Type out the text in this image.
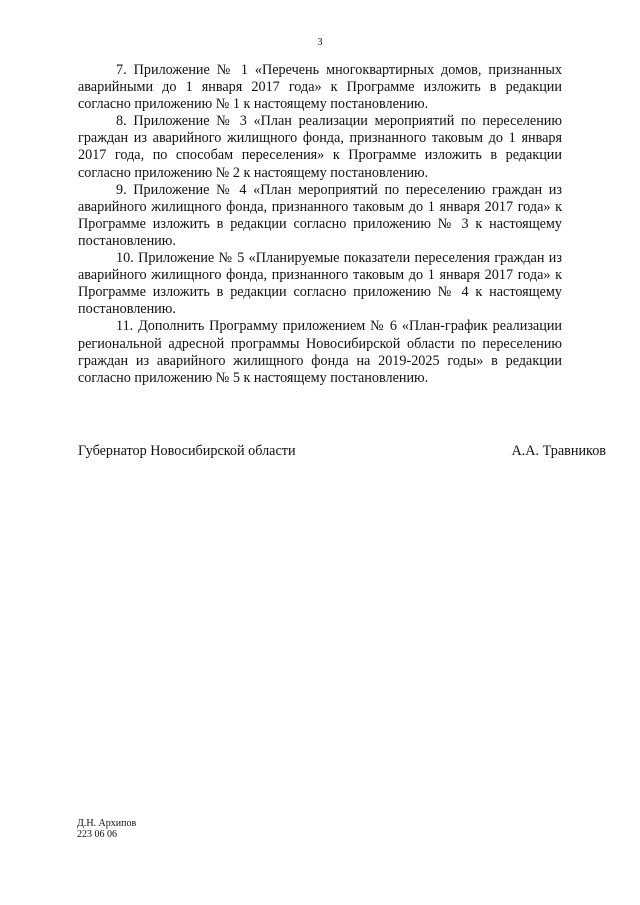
3

7. Приложение № 1 «Перечень многоквартирных домов, признанных аварийными до 1 января 2017 года» к Программе изложить в редакции согласно приложению № 1 к настоящему постановлению.

8. Приложение № 3 «План реализации мероприятий по переселению граждан из аварийного жилищного фонда, признанного таковым до 1 января 2017 года, по способам переселения» к Программе изложить в редакции согласно приложению № 2 к настоящему постановлению.

9. Приложение № 4 «План мероприятий по переселению граждан из аварийного жилищного фонда, признанного таковым до 1 января 2017 года» к Программе изложить в редакции согласно приложению № 3 к настоящему постановлению.

10. Приложение № 5 «Планируемые показатели переселения граждан из аварийного жилищного фонда, признанного таковым до 1 января 2017 года» к Программе изложить в редакции согласно приложению № 4 к настоящему постановлению.

11. Дополнить Программу приложением № 6 «План-график реализации региональной адресной программы Новосибирской области по переселению граждан из аварийного жилищного фонда на 2019-2025 годы» в редакции согласно приложению № 5 к настоящему постановлению.

Губернатор Новосибирской области	А.А. Травников
Д.Н. Архипов
223 06 06
